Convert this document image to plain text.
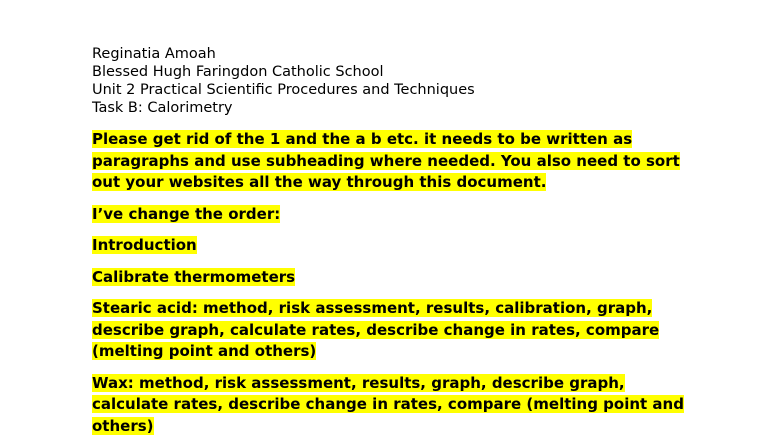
Reginatia Amoah
Blessed Hugh Faringdon Catholic School
Unit 2 Practical Scientific Procedures and Techniques
Task B: Calorimetry

Please get rid of the 1 and the a b etc. it needs to be written as paragraphs and use subheading where needed. You also need to sort out your websites all the way through this document.

I’ve change the order:

Introduction

Calibrate thermometers

Stearic acid: method, risk assessment, results, calibration, graph, describe graph, calculate rates, describe change in rates, compare (melting point and others)

Wax: method, risk assessment, results, graph, describe graph, calculate rates, describe change in rates, compare (melting point and others)
